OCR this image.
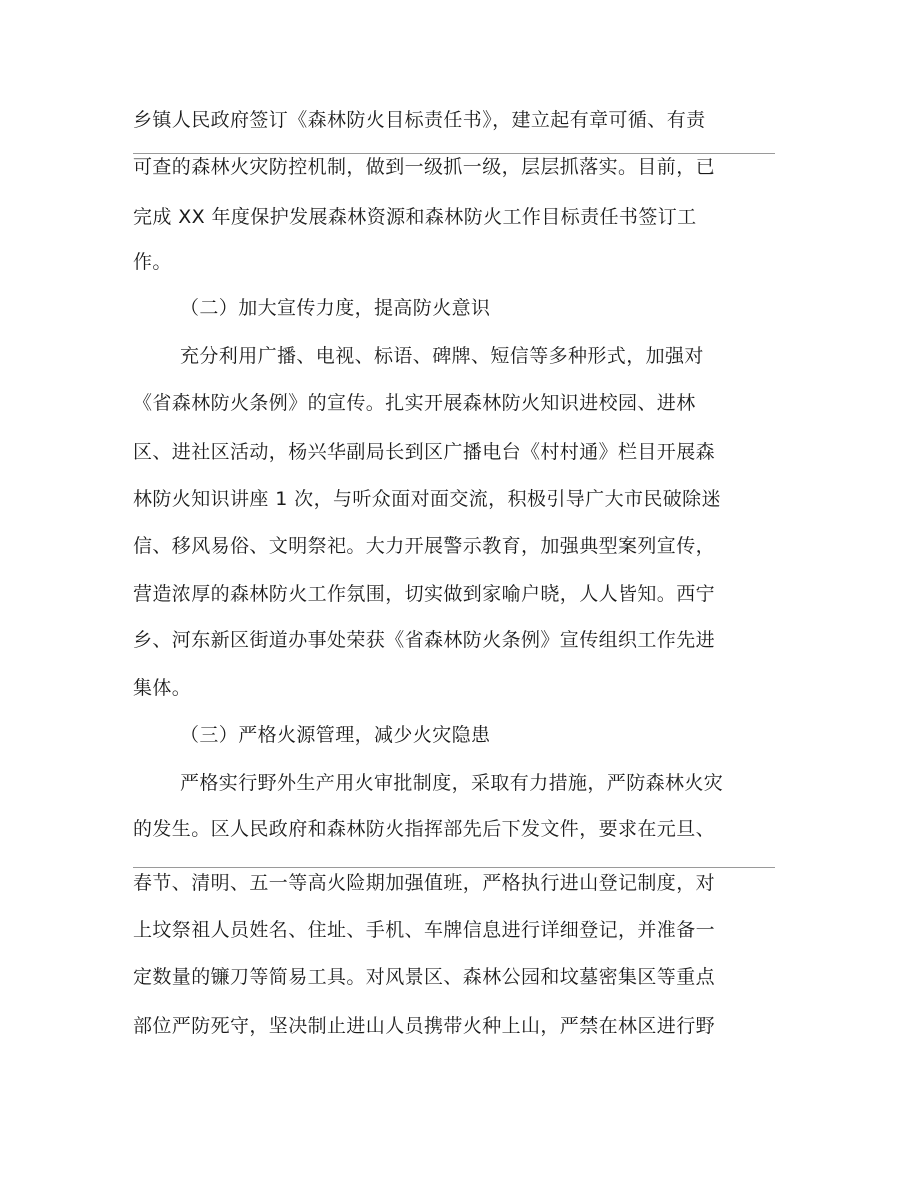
乡镇人民政府签订《森林防火目标责任书》，建立起有章可循、有责
可查的森林火灾防控机制，做到一级抓一级，层层抓落实。目前，已
完成 XX 年度保护发展森林资源和森林防火工作目标责任书签订工
作。
（二）加大宣传力度，提高防火意识
充分利用广播、电视、标语、碑牌、短信等多种形式，加强对
《省森林防火条例》的宣传。扎实开展森林防火知识进校园、进林
区、进社区活动，杨兴华副局长到区广播电台《村村通》栏目开展森
林防火知识讲座 1 次，与听众面对面交流，积极引导广大市民破除迷
信、移风易俗、文明祭祀。大力开展警示教育，加强典型案列宣传，
营造浓厚的森林防火工作氛围，切实做到家喻户晓，人人皆知。西宁
乡、河东新区街道办事处荣获《省森林防火条例》宣传组织工作先进
集体。
（三）严格火源管理，减少火灾隐患
严格实行野外生产用火审批制度，采取有力措施，严防森林火灾
的发生。区人民政府和森林防火指挥部先后下发文件，要求在元旦、
春节、清明、五一等高火险期加强值班，严格执行进山登记制度，对
上坟祭祖人员姓名、住址、手机、车牌信息进行详细登记，并准备一
定数量的镰刀等简易工具。对风景区、森林公园和坟墓密集区等重点
部位严防死守，坚决制止进山人员携带火种上山，严禁在林区进行野
